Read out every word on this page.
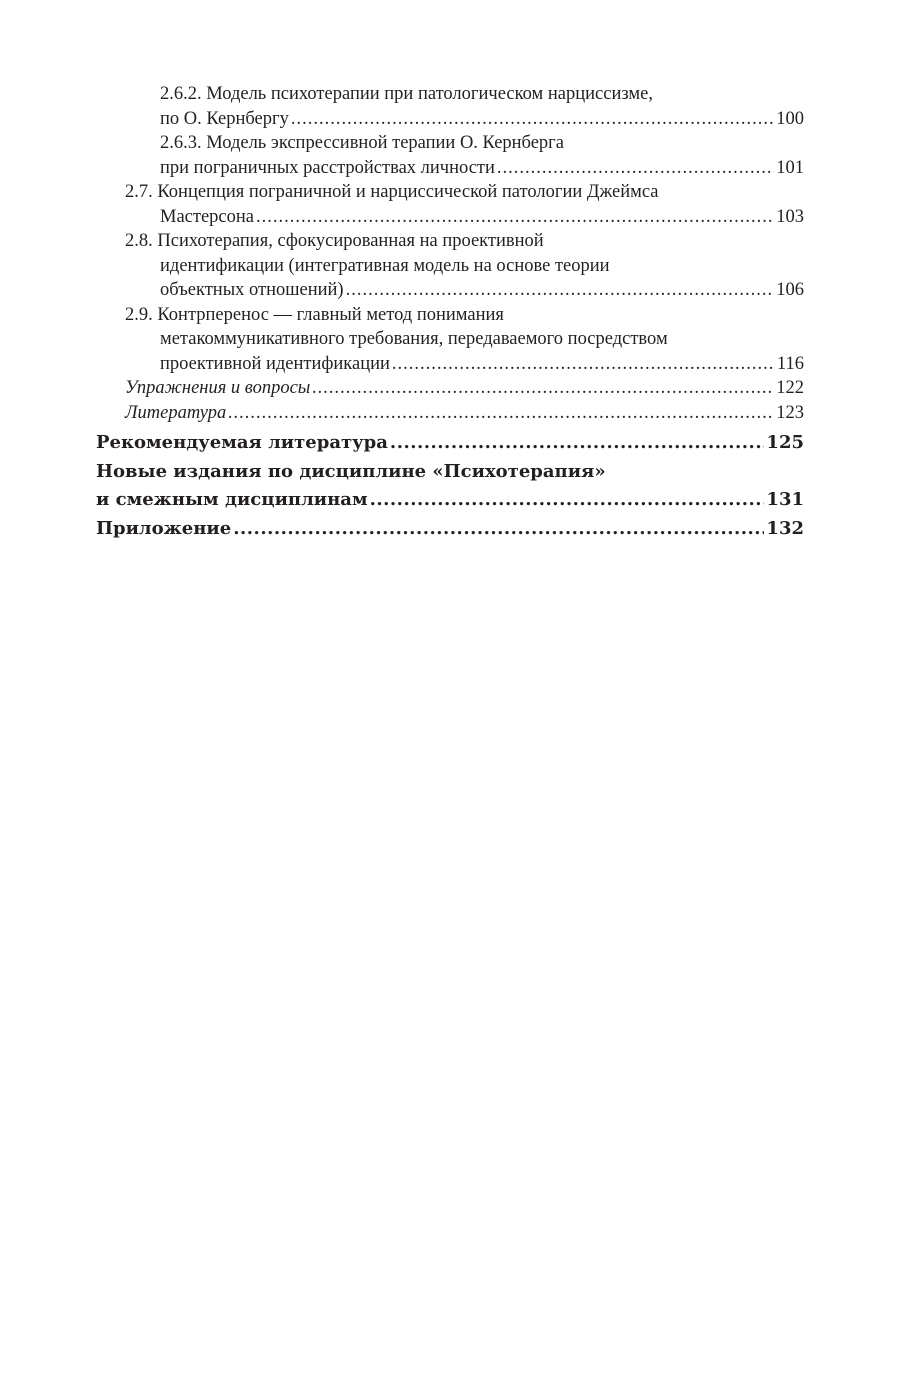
2.6.2. Модель психотерапии при патологическом нарциссизме,
по О. Кернбергу .....	100
2.6.3. Модель экспрессивной терапии О. Кернберга
при пограничных расстройствах личности .....	101
2.7. Концепция пограничной и нарциссической патологии Джеймса
Мастерсона .....	103
2.8. Психотерапия, сфокусированная на проективной
идентификации (интегративная модель на основе теории
объектных отношений) .....	106
2.9. Контрперенос — главный метод понимания
метакоммуникативного требования, передаваемого посредством
проективной идентификации .....	116
Упражнения и вопросы .....	122
Литература .....	123
Рекомендуемая литература .....	125
Новые издания по дисциплине «Психотерапия»
и смежным дисциплинам .....	131
Приложение .....	132
